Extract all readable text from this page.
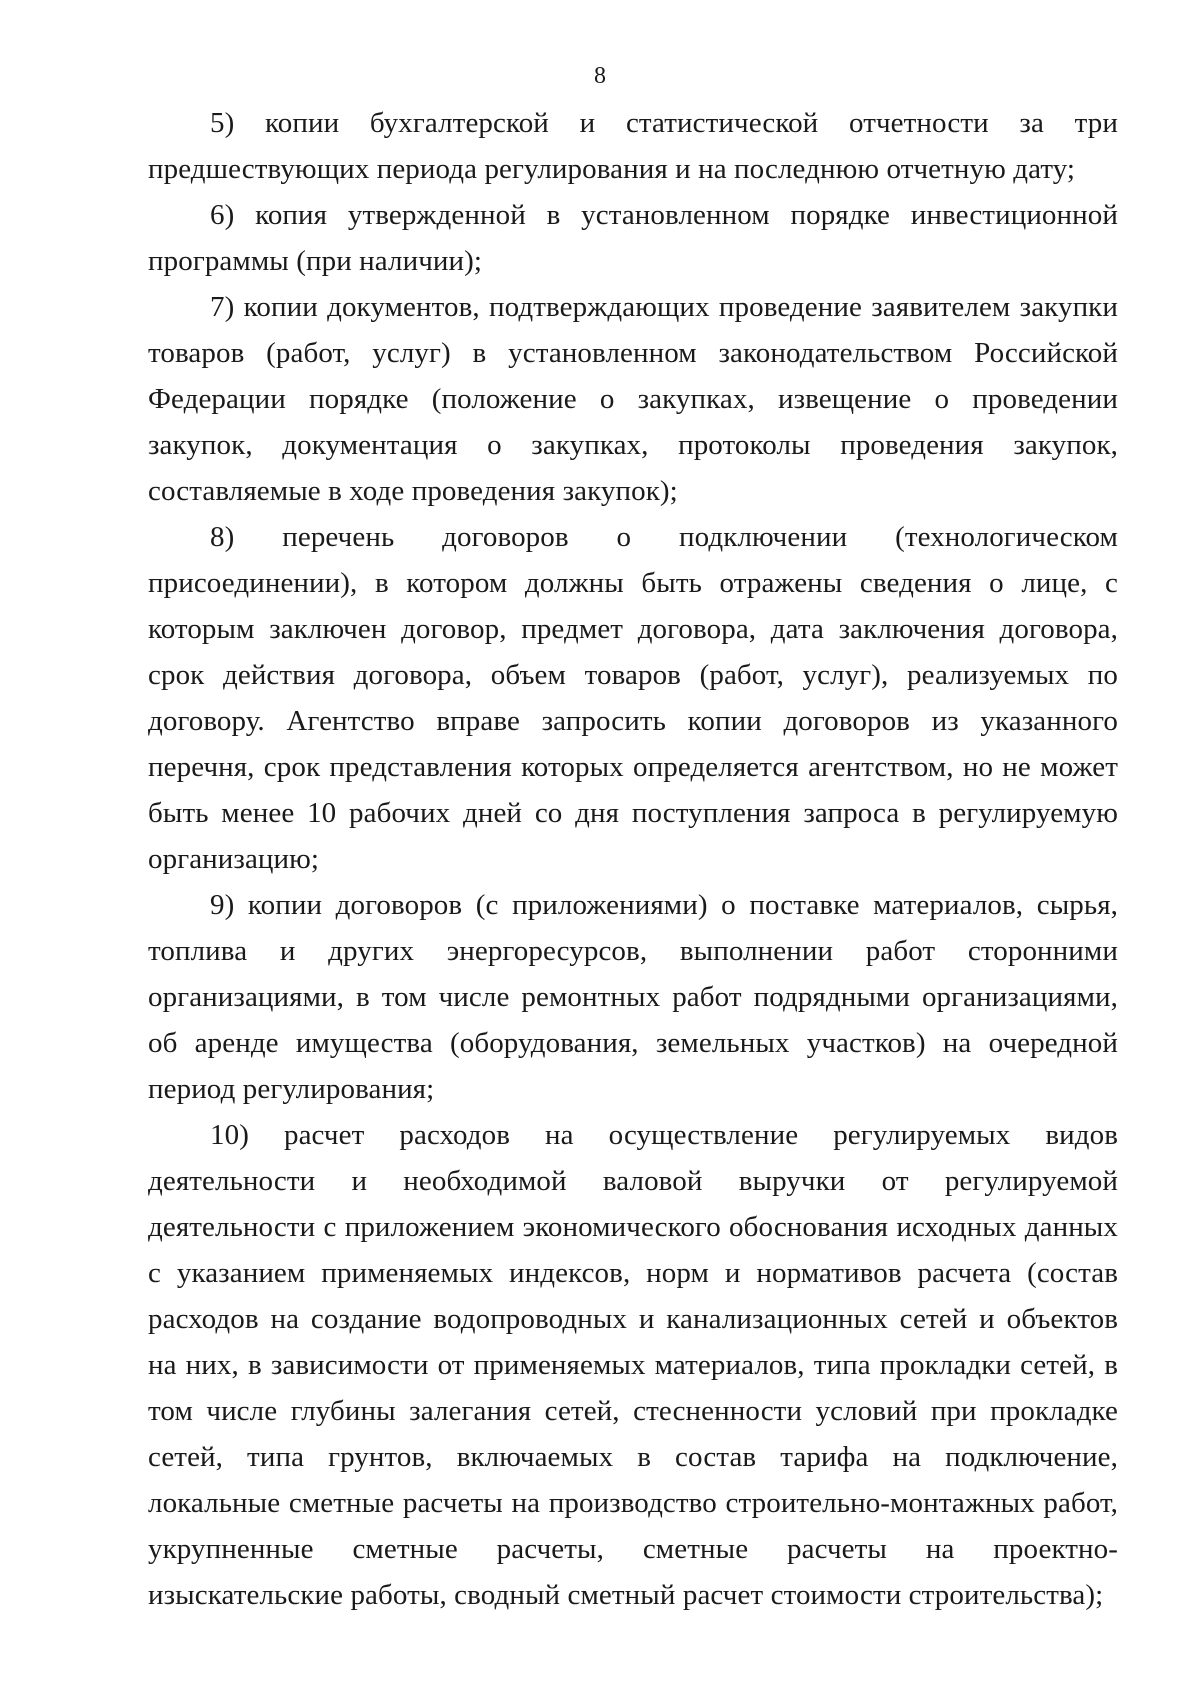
8

5) копии бухгалтерской и статистической отчетности за три предшествующих периода регулирования и на последнюю отчетную дату;

6) копия утвержденной в установленном порядке инвестиционной программы (при наличии);

7) копии документов, подтверждающих проведение заявителем закупки товаров (работ, услуг) в установленном законодательством Российской Федерации порядке (положение о закупках, извещение о проведении закупок, документация о закупках, протоколы проведения закупок, составляемые в ходе проведения закупок);

8) перечень договоров о подключении (технологическом присоединении), в котором должны быть отражены сведения о лице, с которым заключен договор, предмет договора, дата заключения договора, срок действия договора, объем товаров (работ, услуг), реализуемых по договору. Агентство вправе запросить копии договоров из указанного перечня, срок представления которых определяется агентством, но не может быть менее 10 рабочих дней со дня поступления запроса в регулируемую организацию;

9) копии договоров (с приложениями) о поставке материалов, сырья, топлива и других энергоресурсов, выполнении работ сторонними организациями, в том числе ремонтных работ подрядными организациями, об аренде имущества (оборудования, земельных участков) на очередной период регулирования;

10) расчет расходов на осуществление регулируемых видов деятельности и необходимой валовой выручки от регулируемой деятельности с приложением экономического обоснования исходных данных с указанием применяемых индексов, норм и нормативов расчета (состав расходов на создание водопроводных и канализационных сетей и объектов на них, в зависимости от применяемых материалов, типа прокладки сетей, в том числе глубины залегания сетей, стесненности условий при прокладке сетей, типа грунтов, включаемых в состав тарифа на подключение, локальные сметные расчеты на производство строительно-монтажных работ, укрупненные сметные расчеты, сметные расчеты на проектно-изыскательские работы, сводный сметный расчет стоимости строительства);
